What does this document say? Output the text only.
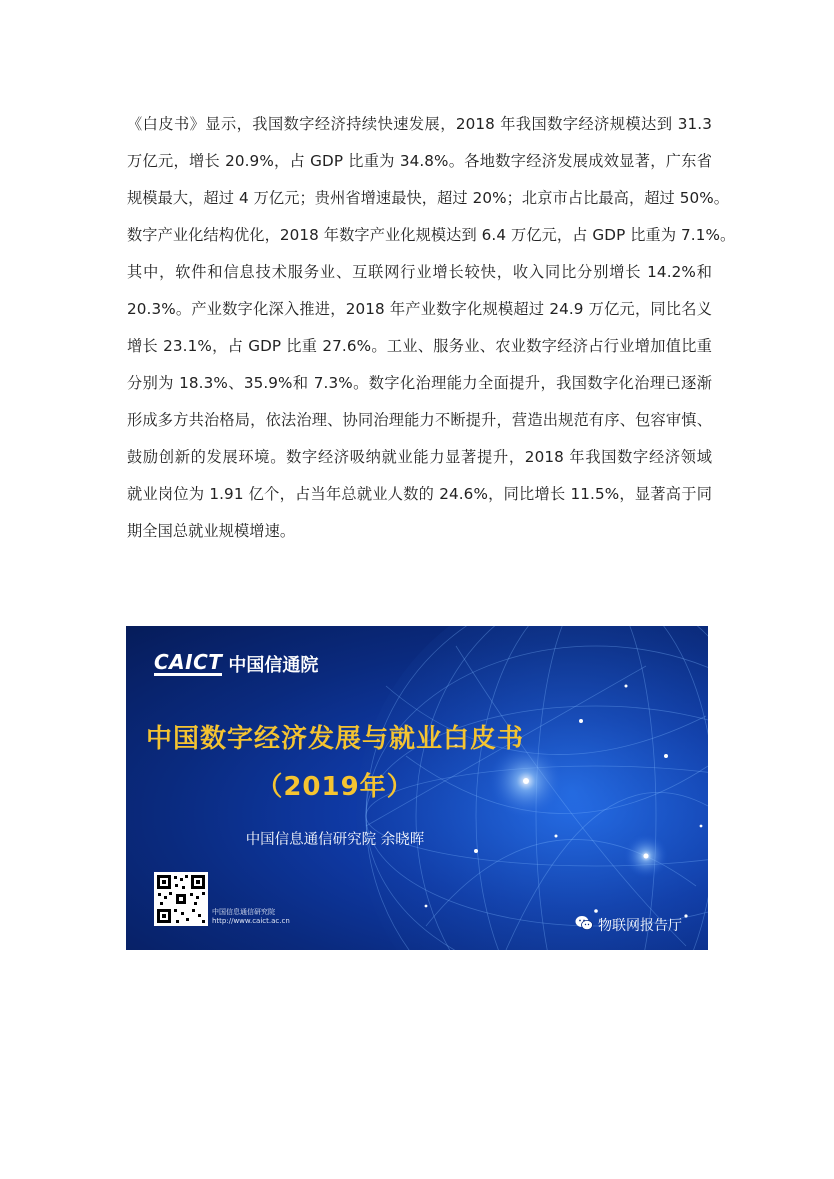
《白皮书》显示，我国数字经济持续快速发展，2018 年我国数字经济规模达到 31.3
万亿元，增长 20.9%，占 GDP 比重为 34.8%。各地数字经济发展成效显著，广东省
规模最大，超过 4 万亿元；贵州省增速最快，超过 20%；北京市占比最高，超过 50%。
数字产业化结构优化，2018 年数字产业化规模达到 6.4 万亿元，占 GDP 比重为 7.1%。
其中，软件和信息技术服务业、互联网行业增长较快，收入同比分别增长 14.2%和
20.3%。产业数字化深入推进，2018 年产业数字化规模超过 24.9 万亿元，同比名义
增长 23.1%，占 GDP 比重 27.6%。工业、服务业、农业数字经济占行业增加值比重
分别为 18.3%、35.9%和 7.3%。数字化治理能力全面提升，我国数字化治理已逐渐
形成多方共治格局，依法治理、协同治理能力不断提升，营造出规范有序、包容审慎、
鼓励创新的发展环境。数字经济吸纳就业能力显著提升，2018 年我国数字经济领域
就业岗位为 1.91 亿个，占当年总就业人数的 24.6%，同比增长 11.5%，显著高于同
期全国总就业规模增速。

CAICT 中国信通院
中国数字经济发展与就业白皮书
（2019年）
中国信息通信研究院 余晓晖
中国信息通信研究院
http://www.caict.ac.cn	物联网报告厅
